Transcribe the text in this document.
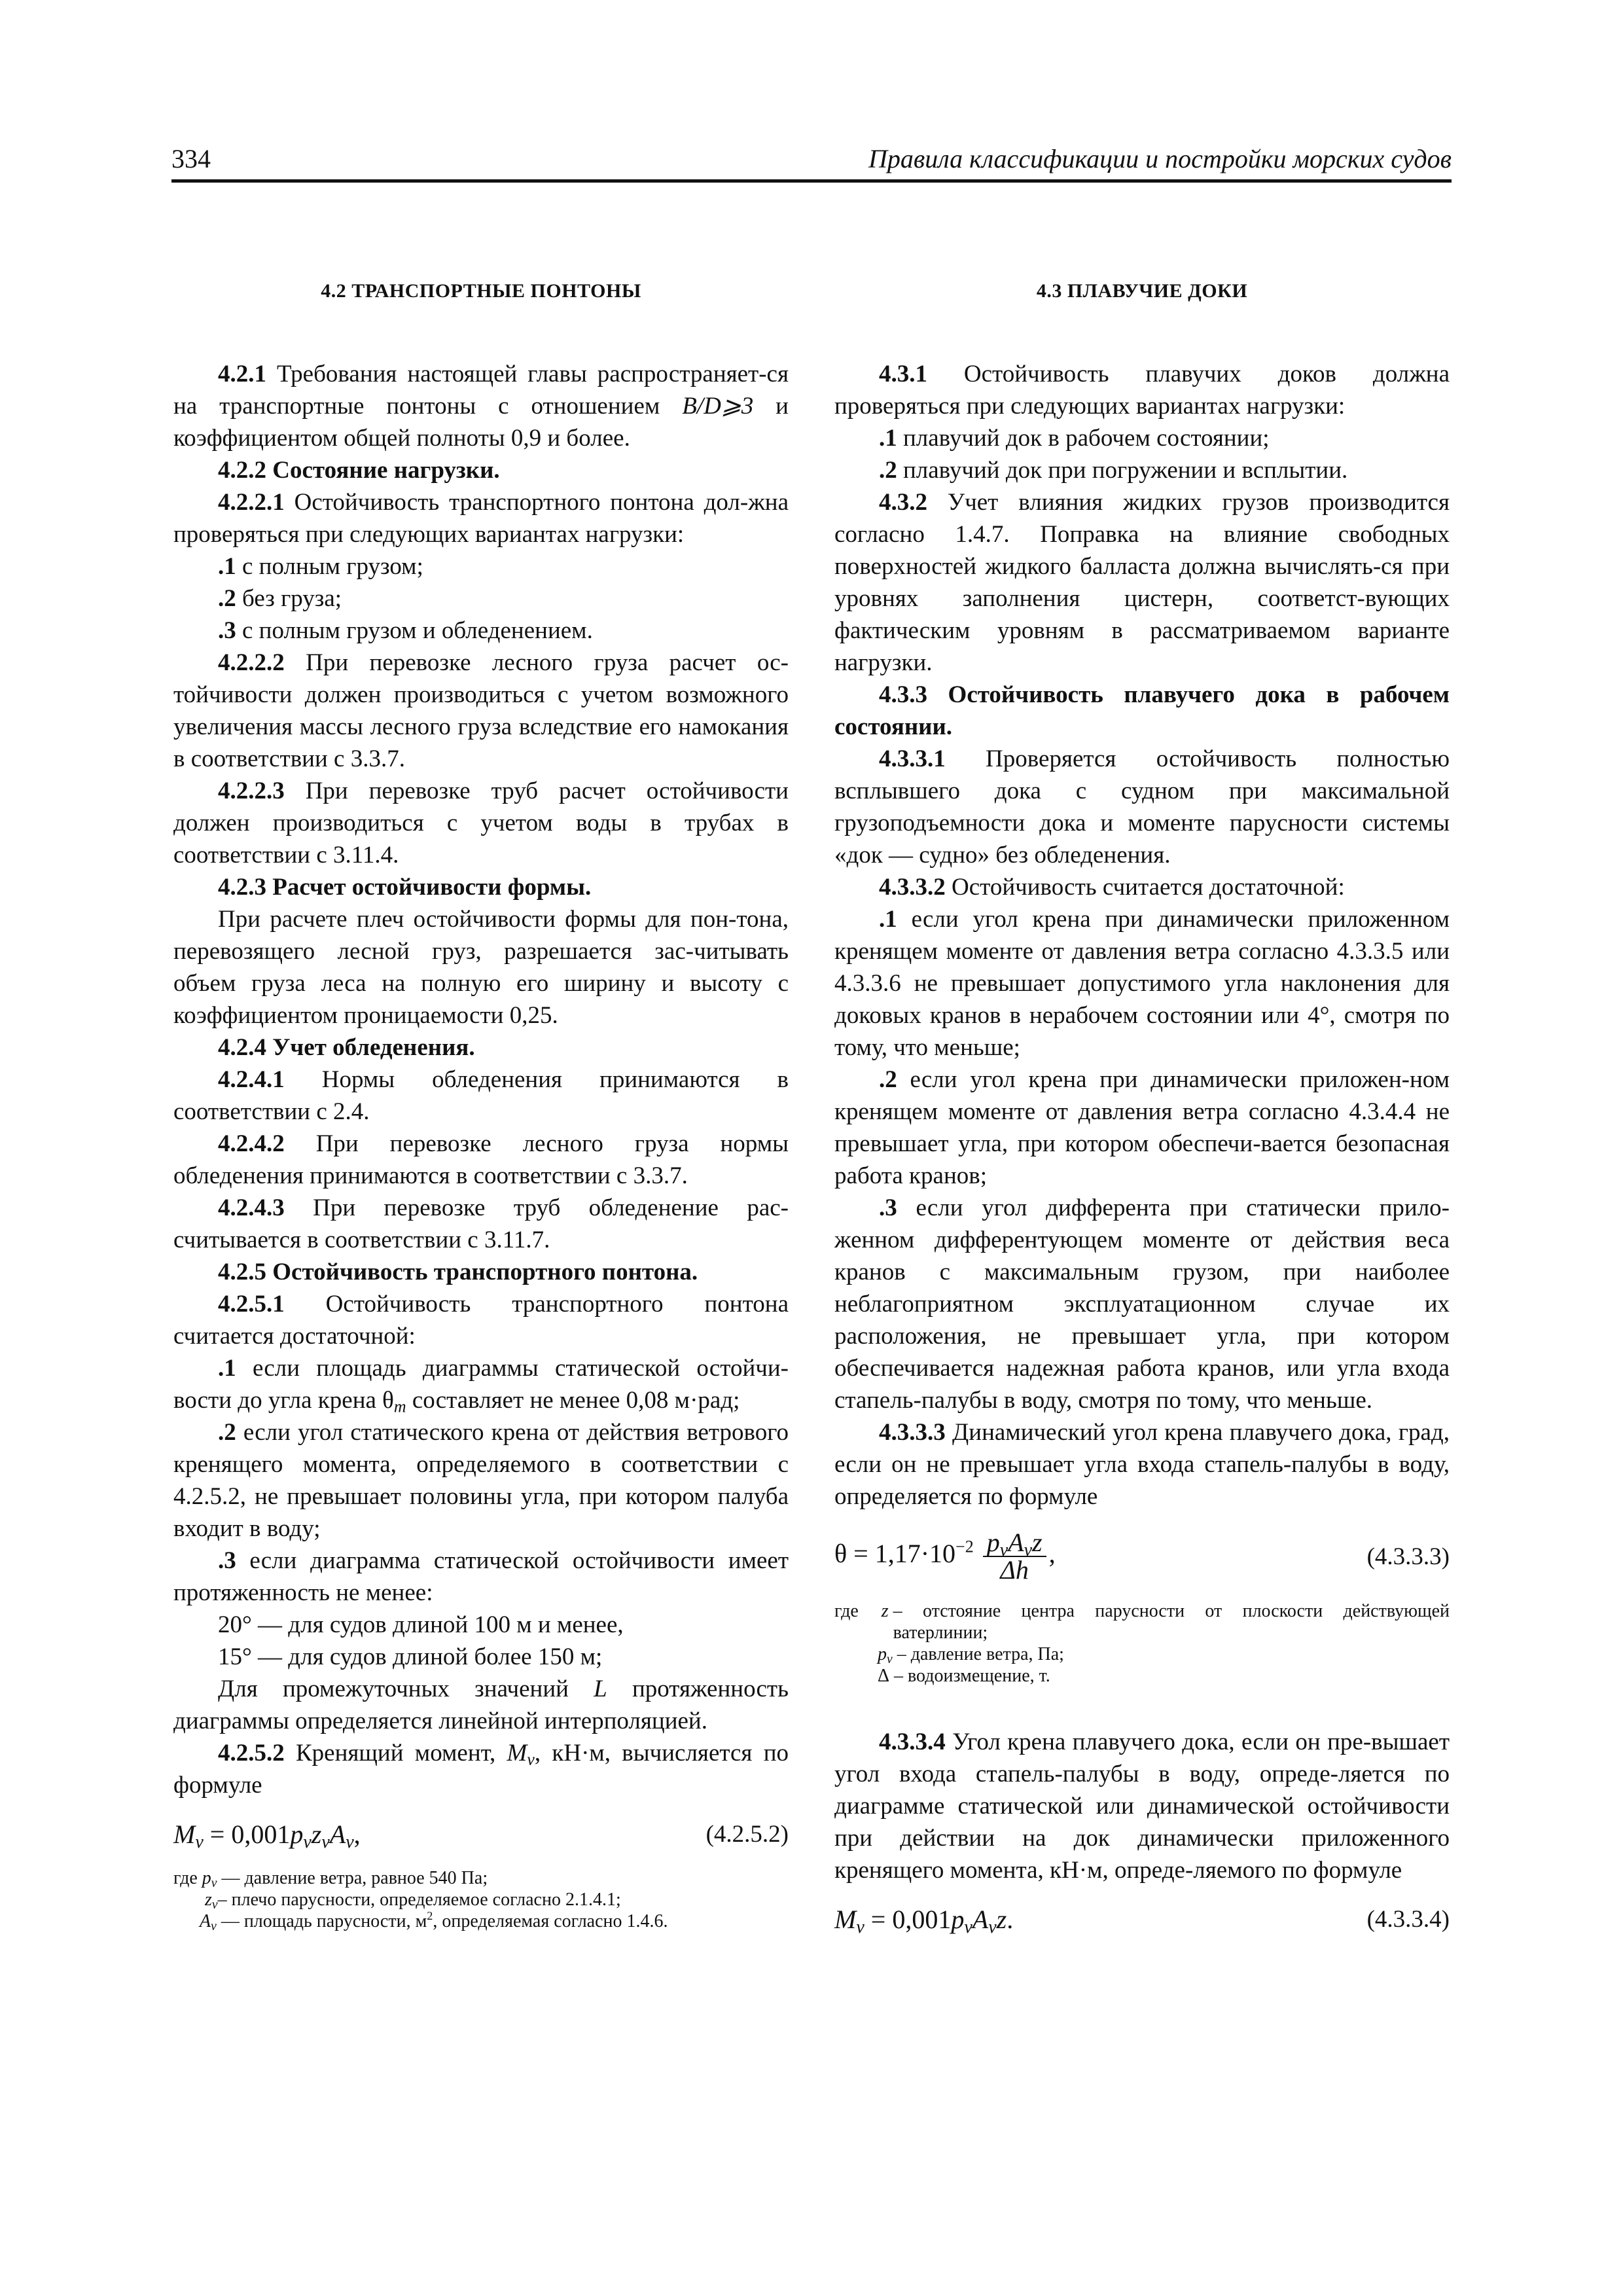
334	Правила классификации и постройки морских судов
4.2 ТРАНСПОРТНЫЕ ПОНТОНЫ

4.2.1 Требования настоящей главы распространяет-ся на транспортные понтоны с отношением B/D⩾3 и коэффициентом общей полноты 0,9 и более.

4.2.2 Состояние нагрузки.

4.2.2.1 Остойчивость транспортного понтона дол-жна проверяться при следующих вариантах нагрузки:

.1 с полным грузом;

.2 без груза;

.3 с полным грузом и обледенением.

4.2.2.2 При перевозке лесного груза расчет ос-тойчивости должен производиться с учетом возможного увеличения массы лесного груза вследствие его намокания в соответствии с 3.3.7.

4.2.2.3 При перевозке труб расчет остойчивости должен производиться с учетом воды в трубах в соответствии с 3.11.4.

4.2.3 Расчет остойчивости формы.

При расчете плеч остойчивости формы для пон-тона, перевозящего лесной груз, разрешается зас-читывать объем груза леса на полную его ширину и высоту с коэффициентом проницаемости 0,25.

4.2.4 Учет обледенения.

4.2.4.1 Нормы обледенения принимаются в соответствии с 2.4.

4.2.4.2 При перевозке лесного груза нормы обледенения принимаются в соответствии с 3.3.7.

4.2.4.3 При перевозке труб обледенение рас-считывается в соответствии с 3.11.7.

4.2.5 Остойчивость транспортного понтона.

4.2.5.1 Остойчивость транспортного понтона считается достаточной:

.1 если площадь диаграммы статической остойчи-вости до угла крена $\theta_m$ составляет не менее 0,08 м·рад;

.2 если угол статического крена от действия ветрового кренящего момента, определяемого в соответствии с 4.2.5.2, не превышает половины угла, при котором палуба входит в воду;

.3 если диаграмма статической остойчивости имеет протяженность не менее:

20° — для судов длиной 100 м и менее,

15° — для судов длиной более 150 м;

Для промежуточных значений L протяженность диаграммы определяется линейной интерполяцией.

4.2.5.2 Кренящий момент, $M_v$, кН·м, вычисляется по формуле

$M_v = 0,001p_vz_vA_v$,	(4.2.5.2)
где $p_v$ — давление ветра, равное 540 Па;
$z_v$ – плечо парусности, определяемое согласно 2.1.4.1;
$A_v$ — площадь парусности, $м^2$, определяемая согласно 1.4.6.
4.3 ПЛАВУЧИЕ ДОКИ

4.3.1 Остойчивость плавучих доков должна проверяться при следующих вариантах нагрузки:

.1 плавучий док в рабочем состоянии;

.2 плавучий док при погружении и всплытии.

4.3.2 Учет влияния жидких грузов производится согласно 1.4.7. Поправка на влияние свободных поверхностей жидкого балласта должна вычислять-ся при уровнях заполнения цистерн, соответст-вующих фактическим уровням в рассматриваемом варианте нагрузки.

4.3.3 Остойчивость плавучего дока в рабочем состоянии.

4.3.3.1 Проверяется остойчивость полностью всплывшего дока с судном при максимальной грузоподъемности дока и моменте парусности системы «док — судно» без обледенения.

4.3.3.2 Остойчивость считается достаточной:

.1 если угол крена при динамически приложенном кренящем моменте от давления ветра согласно 4.3.3.5 или 4.3.3.6 не превышает допустимого угла наклонения для доковых кранов в нерабочем состоянии или 4°, смотря по тому, что меньше;

.2 если угол крена при динамически приложен-ном кренящем моменте от давления ветра согласно 4.3.4.4 не превышает угла, при котором обеспечи-вается безопасная работа кранов;

.3 если угол дифферента при статически прило-женном дифферентующем моменте от действия веса кранов с максимальным грузом, при наиболее неблагоприятном эксплуатационном случае их расположения, не превышает угла, при котором обеспечивается надежная работа кранов, или угла входа стапель-палубы в воду, смотря по тому, что меньше.

4.3.3.3 Динамический угол крена плавучего дока, град, если он не превышает угла входа стапель-палубы в воду, определяется по формуле

$\theta = 1,17\cdot 10^{-2} \frac{p_vA_vz}{\Delta h}$ ,	(4.3.3.3)
где z – отстояние центра парусности от плоскости действующей ватерлинии;
$p_v$ – давление ветра, Па;
Δ – водоизмещение, т.

4.3.3.4 Угол крена плавучего дока, если он пре-вышает угол входа стапель-палубы в воду, опреде-ляется по диаграмме статической или динамической остойчивости при действии на док динамически приложенного кренящего момента, кН·м, опреде-ляемого по формуле

$M_v = 0,001p_vA_vz$.	(4.3.3.4)
